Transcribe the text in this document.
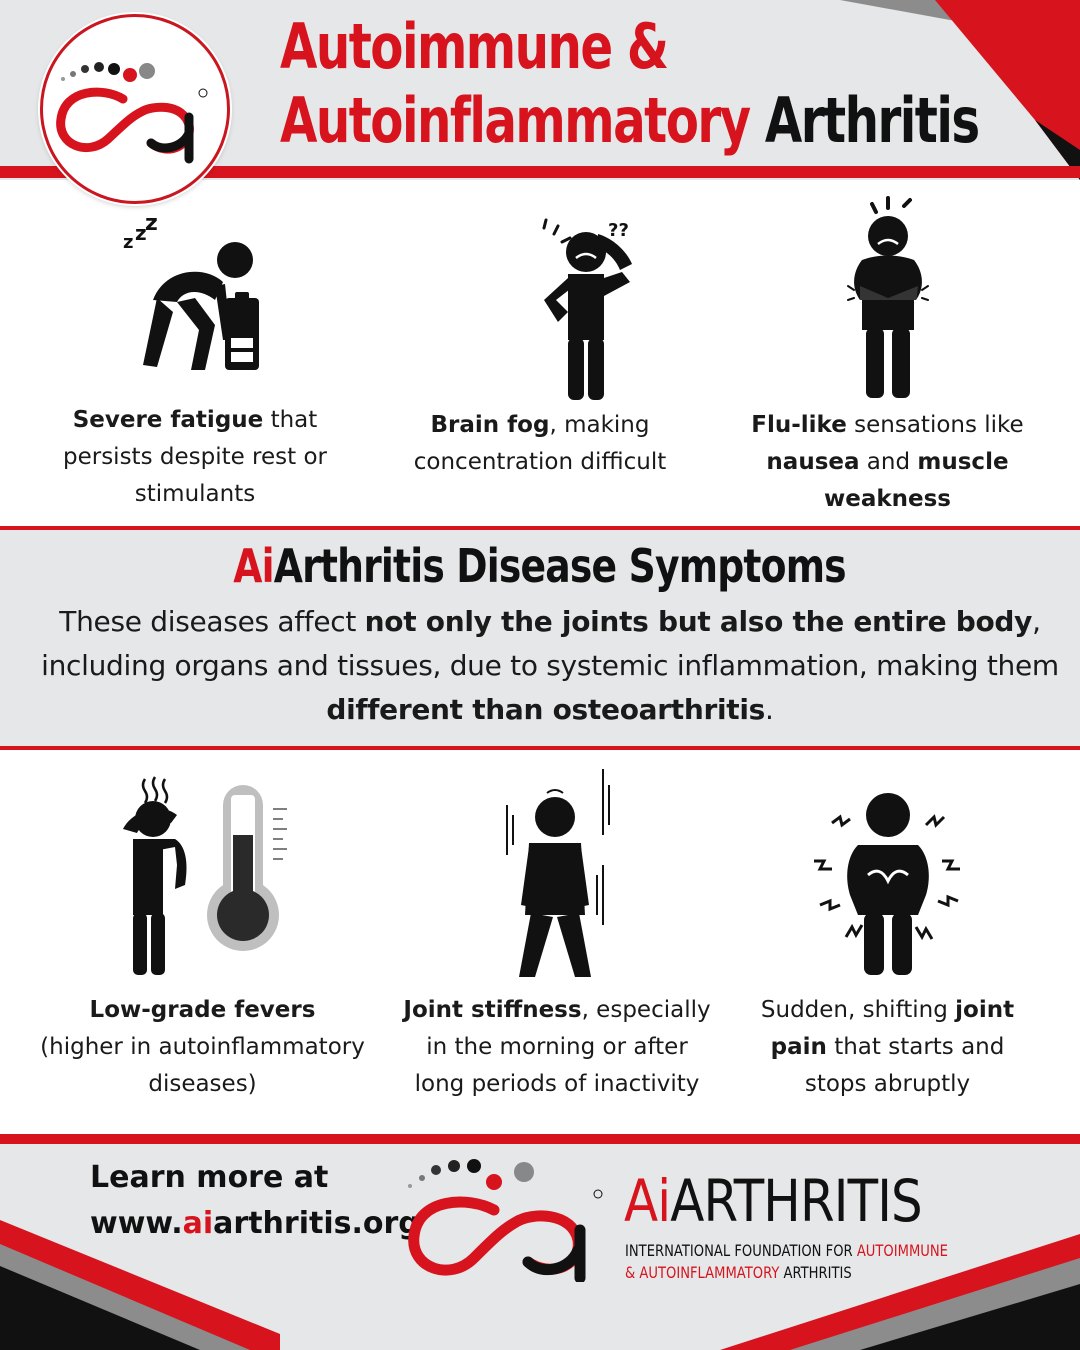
Autoimmune &
Autoinflammatory Arthritis
z z
z
Severe fatigue that
persists despite rest or
stimulants
??
Brain fog, making
concentration difficult
Flu-like sensations like
nausea and muscle
weakness
AiArthritis Disease Symptoms
These diseases affect not only the joints but also the entire body,
including organs and tissues, due to systemic inflammation, making them
different than osteoarthritis.
Low-grade fevers
(higher in autoinflammatory
diseases)
Joint stiffness, especially
in the morning or after
long periods of inactivity
Sudden, shifting joint
pain that starts and
stops abruptly
Learn more at
www.aiarthritis.org	AiARTHRITIS
INTERNATIONAL FOUNDATION FOR AUTOIMMUNE
& AUTOINFLAMMATORY ARTHRITIS
